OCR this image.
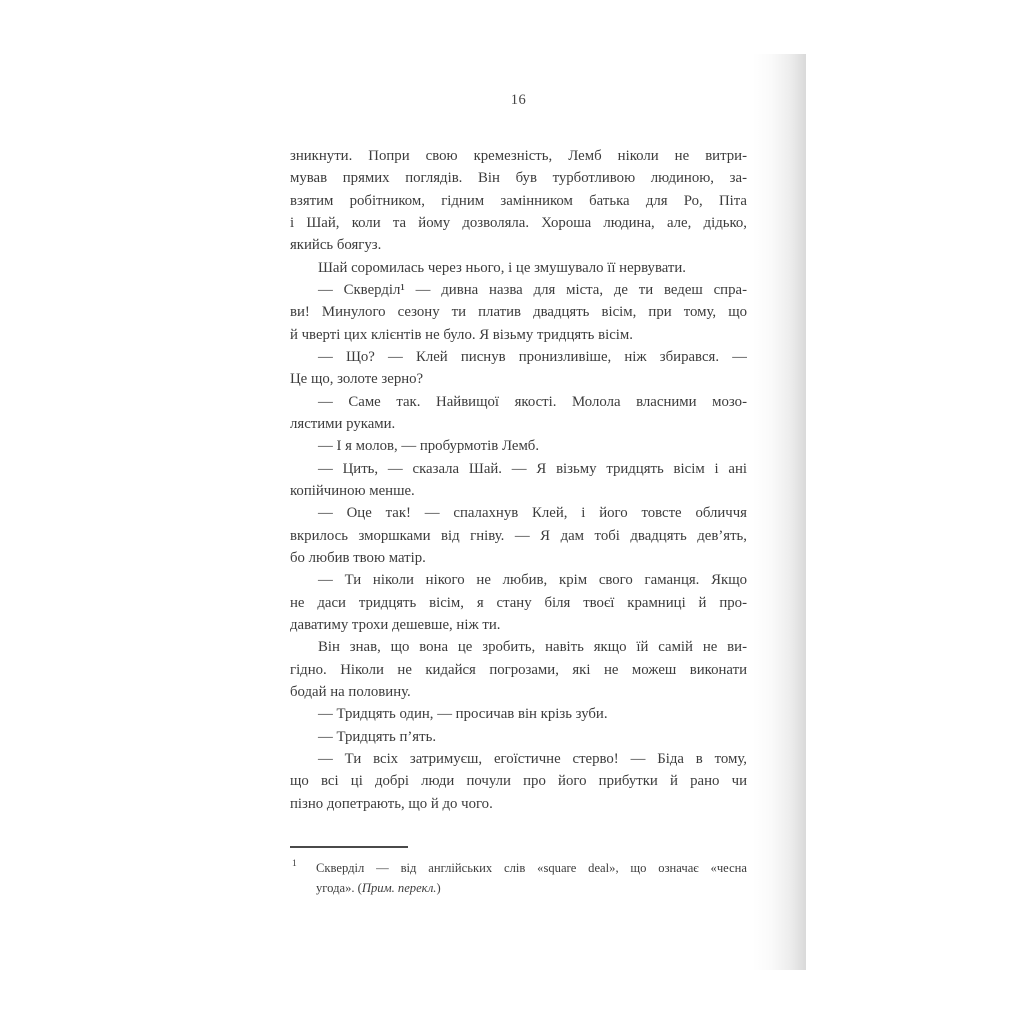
16
зникнути. Попри свою кремезність, Лемб ніколи не витри-
мував прямих поглядів. Він був турботливою людиною, за-
взятим робітником, гідним замінником батька для Ро, Піта
і Шай, коли та йому дозволяла. Хороша людина, але, дідько,
якийсь боягуз.
Шай соромилась через нього, і це змушувало її нервувати.
— Скверділ¹ — дивна назва для міста, де ти ведеш спра-
ви! Минулого сезону ти платив двадцять вісім, при тому, що
й чверті цих клієнтів не було. Я візьму тридцять вісім.
— Що? — Клей писнув пронизливіше, ніж збирався. —
Це що, золоте зерно?
— Саме так. Найвищої якості. Молола власними мозо-
лястими руками.
— І я молов, — пробурмотів Лемб.
— Цить, — сказала Шай. — Я візьму тридцять вісім і ані
копійчиною менше.
— Оце так! — спалахнув Клей, і його товсте обличчя
вкрилось зморшками від гніву. — Я дам тобі двадцять дев’ять,
бо любив твою матір.
— Ти ніколи нікого не любив, крім свого гаманця. Якщо
не даси тридцять вісім, я стану біля твоєї крамниці й про-
даватиму трохи дешевше, ніж ти.
Він знав, що вона це зробить, навіть якщо їй самій не ви-
гідно. Ніколи не кидайся погрозами, які не можеш виконати
бодай на половину.
— Тридцять один, — просичав він крізь зуби.
— Тридцять п’ять.
— Ти всіх затримуєш, егоїстичне стерво! — Біда в тому,
що всі ці добрі люди почули про його прибутки й рано чи
пізно допетрають, що й до чого.
1	Скверділ — від англійських слів «square deal», що означає «чесна
угода». (Прим. перекл.)
